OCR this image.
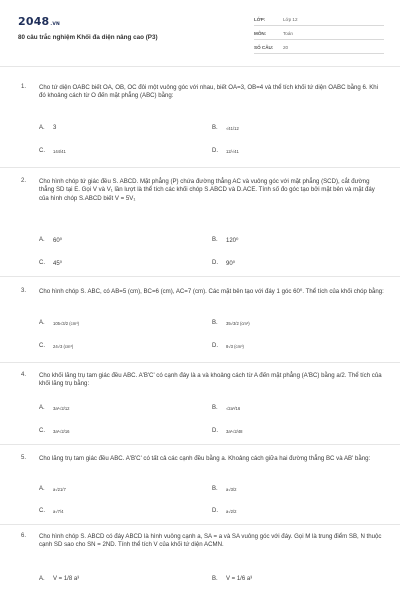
2048.VN
80 câu trắc nghiệm Khối đa diện nâng cao (P3)
LỚP:	Lớp 12
MÔN:	Toán
SỐ CÂU: 20
1. Cho tứ diện OABC biết OA, OB, OC đôi một vuông góc với nhau, biết OA=3, OB=4 và thể tích khối tứ diện OABC bằng 6. Khi đó khoảng cách từ O đến mặt phẳng (ABC) bằng:
A. 3	B. √41/12
C. 144/41	D. 12/√41
2. Cho hình chóp tứ giác đều S. ABCD. Mặt phẳng (P) chứa đường thẳng AC và vuông góc với mặt phẳng (SCD), cắt đường thẳng SD tại E. Gọi V và V₁ lần lượt là thể tích các khối chóp S.ABCD và D.ACE. Tính số đo góc tạo bởi mặt bên và mặt đáy của hình chóp S.ABCD biết V = 5V₁
A. 60⁰	B. 120⁰
C. 45⁰	D. 90⁰
3. Cho hình chóp S. ABC, có AB=5 (cm), BC=6 (cm), AC=7 (cm). Các mặt bên tạo với đáy 1 góc 60⁰. Thể tích của khối chóp bằng:
A. 105√3/2 (cm³)	B. 35√3/2 (cm³)
C. 24√3 (cm³)	D. 8√3 (cm³)
4. Cho khối lăng trụ tam giác đều ABC. A'B'C' có cạnh đáy là a và khoảng cách từ A đến mặt phẳng (A'BC) bằng a/2. Thể tích của khối lăng trụ bằng:
A. 3a³√2/12	B. √2a³/16
C. 3a³√2/16	D. 3a³√2/48
5. Cho lăng trụ tam giác đều ABC. A'B'C' có tất cả các cạnh đều bằng a. Khoảng cách giữa hai đường thẳng BC và AB' bằng:
A. a√21/7	B. a√3/2
C. a√7/4	D. a√2/2
6. Cho hình chóp S. ABCD có đáy ABCD là hình vuông cạnh a, SA = a và SA vuông góc với đáy. Gọi M là trung điểm SB, N thuộc cạnh SD sao cho SN = 2ND. Tính thể tích V của khối tứ diện ACMN.
A. V = 1/8 a³	B. V = 1/6 a³
